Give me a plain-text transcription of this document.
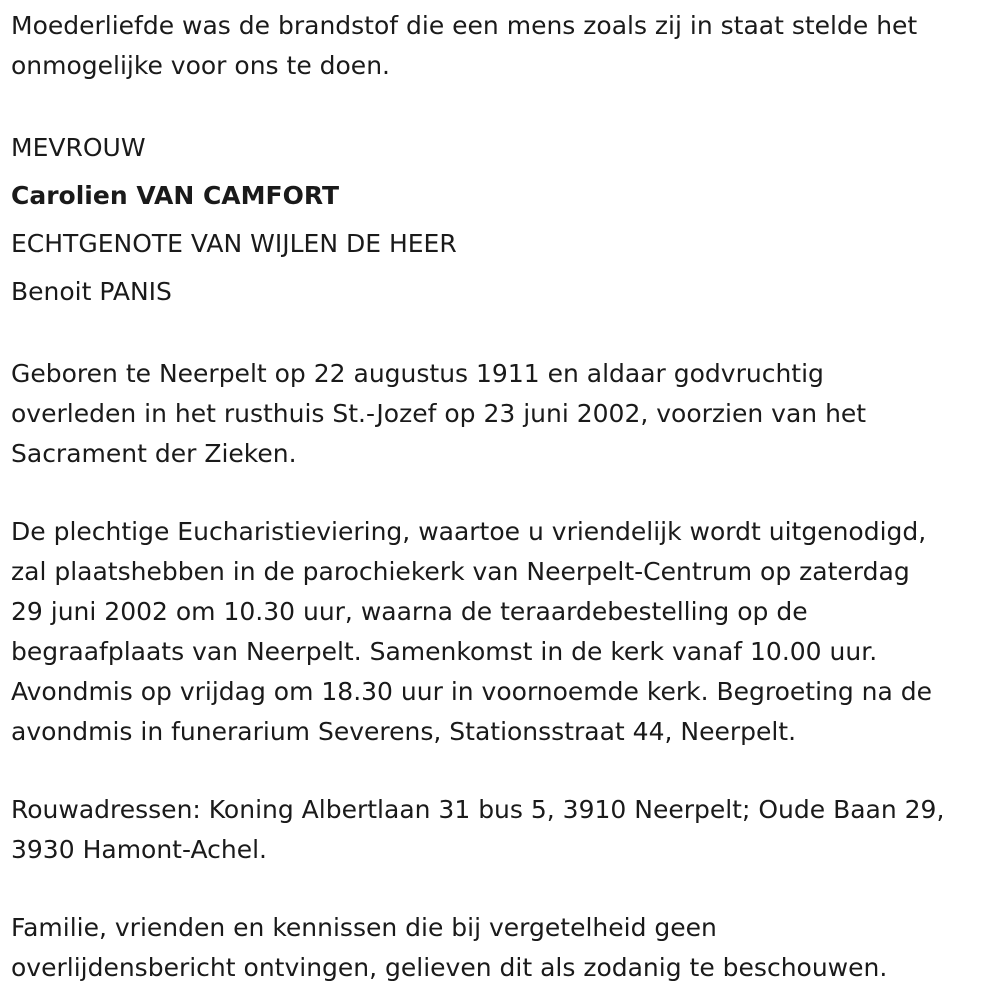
Moederliefde was de brandstof die een mens zoals zij in staat stelde het
onmogelijke voor ons te doen.

MEVROUW
Carolien VAN CAMFORT
ECHTGENOTE VAN WIJLEN DE HEER
Benoit PANIS

Geboren te Neerpelt op 22 augustus 1911 en aldaar godvruchtig
overleden in het rusthuis St.-Jozef op 23 juni 2002, voorzien van het
Sacrament der Zieken.

De plechtige Eucharistieviering, waartoe u vriendelijk wordt uitgenodigd,
zal plaatshebben in de parochiekerk van Neerpelt-Centrum op zaterdag
29 juni 2002 om 10.30 uur, waarna de teraardebestelling op de
begraafplaats van Neerpelt. Samenkomst in de kerk vanaf 10.00 uur.
Avondmis op vrijdag om 18.30 uur in voornoemde kerk. Begroeting na de
avondmis in funerarium Severens, Stationsstraat 44, Neerpelt.

Rouwadressen: Koning Albertlaan 31 bus 5, 3910 Neerpelt; Oude Baan 29,
3930 Hamont-Achel.

Familie, vrienden en kennissen die bij vergetelheid geen
overlijdensbericht ontvingen, gelieven dit als zodanig te beschouwen.
